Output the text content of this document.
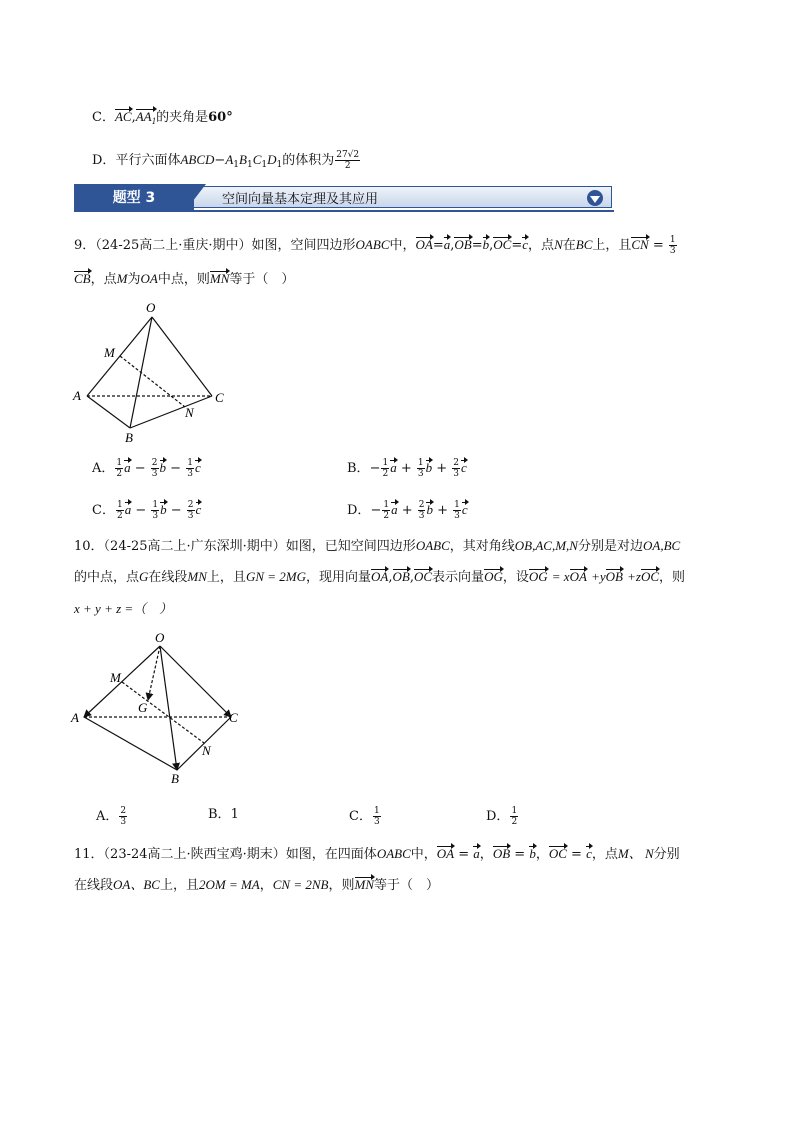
C．$AC,AA_1$的夹角是60°
D．平行六面体$ABCD-A_1B_1C_1D_1$的体积为 $\frac{27√2}{2}$
空间向量基本定理及其应用
题型 3
9．（24-25高二上·重庆·期中）如图，空间四边形OABC中，OA=a,OB=b,OC=c，点N在BC上，且CN = $\frac{1}{3}$
CB，点M为OA中点，则MN等于（　）
O
M
A	C
N
B
A． $\frac{1}{2}$ $a - \frac{2}{3}$ $b - \frac{1}{3}$ c	B．− $\frac{1}{2}$ $a + \frac{1}{3}$ $b + \frac{2}{3}$ c
C． $\frac{1}{2}$ $a - \frac{1}{3}$ $b - \frac{2}{3}$ c	D．− $\frac{1}{2}$ $a + \frac{2}{3}$ $b + \frac{1}{3}$ c
10．（24-25高二上·广东深圳·期中）如图，已知空间四边形OABC，其对角线OB,AC,M,N分别是对边OA,BC
的中点，点G在线段MN上，且GN = 2MG，现用向量OA,OB,OC表示向量OG，设OG = xOA +yOB +zOC，则
x + y + z =（　）
O
M
G
A	C
N
B
A． $\frac{2}{3}$	B．1	C． $\frac{1}{3}$	D． $\frac{1}{2}$
11．（23-24高二上·陕西宝鸡·期末）如图，在四面体OABC中，OA = a，OB = b，OC = c，点M、 N分别
在线段OA、BC上，且2OM = MA，CN = 2NB，则MN等于（　）
